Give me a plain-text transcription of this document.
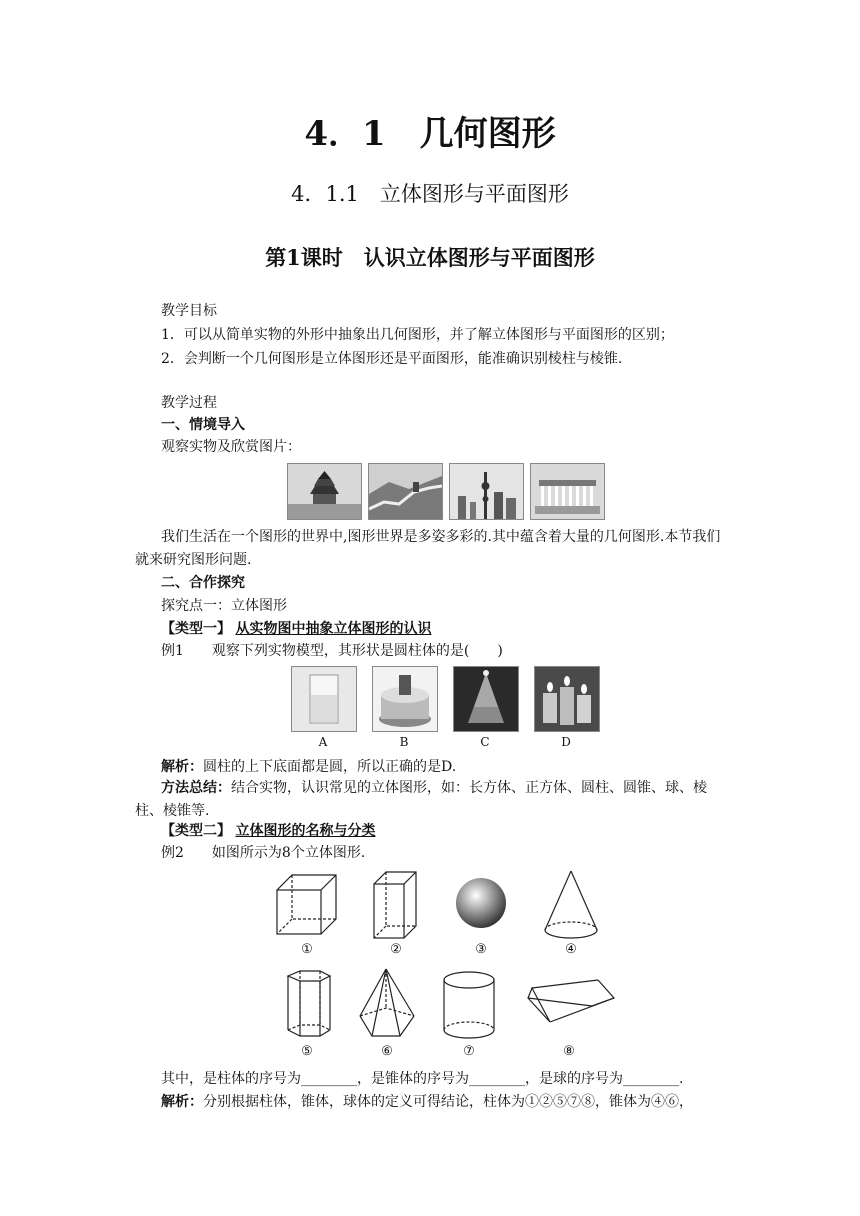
4．1　几何图形
4．1.1　立体图形与平面图形
第1课时　认识立体图形与平面图形
教学目标
1．可以从简单实物的外形中抽象出几何图形，并了解立体图形与平面图形的区别；
2．会判断一个几何图形是立体图形还是平面图形，能准确识别棱柱与棱锥.
教学过程
一、情境导入
观察实物及欣赏图片：
我们生活在一个图形的世界中,图形世界是多姿多彩的.其中蕴含着大量的几何图形.本节我们就来研究图形问题.
二、合作探究
探究点一：立体图形
【类型一】 从实物图中抽象立体图形的认识
例1　　观察下列实物模型，其形状是圆柱体的是(　　)
A	B	C	D
解析：圆柱的上下底面都是圆，所以正确的是D.
方法总结：结合实物，认识常见的立体图形，如：长方体、正方体、圆柱、圆锥、球、棱柱、棱锥等.
【类型二】 立体图形的名称与分类
例2　　如图所示为8个立体图形.
①	②	③	④
⑤	⑥	⑦	⑧
其中，是柱体的序号为________，是锥体的序号为________，是球的序号为________.
解析：分别根据柱体，锥体，球体的定义可得结论，柱体为①②⑤⑦⑧，锥体为④⑥，
